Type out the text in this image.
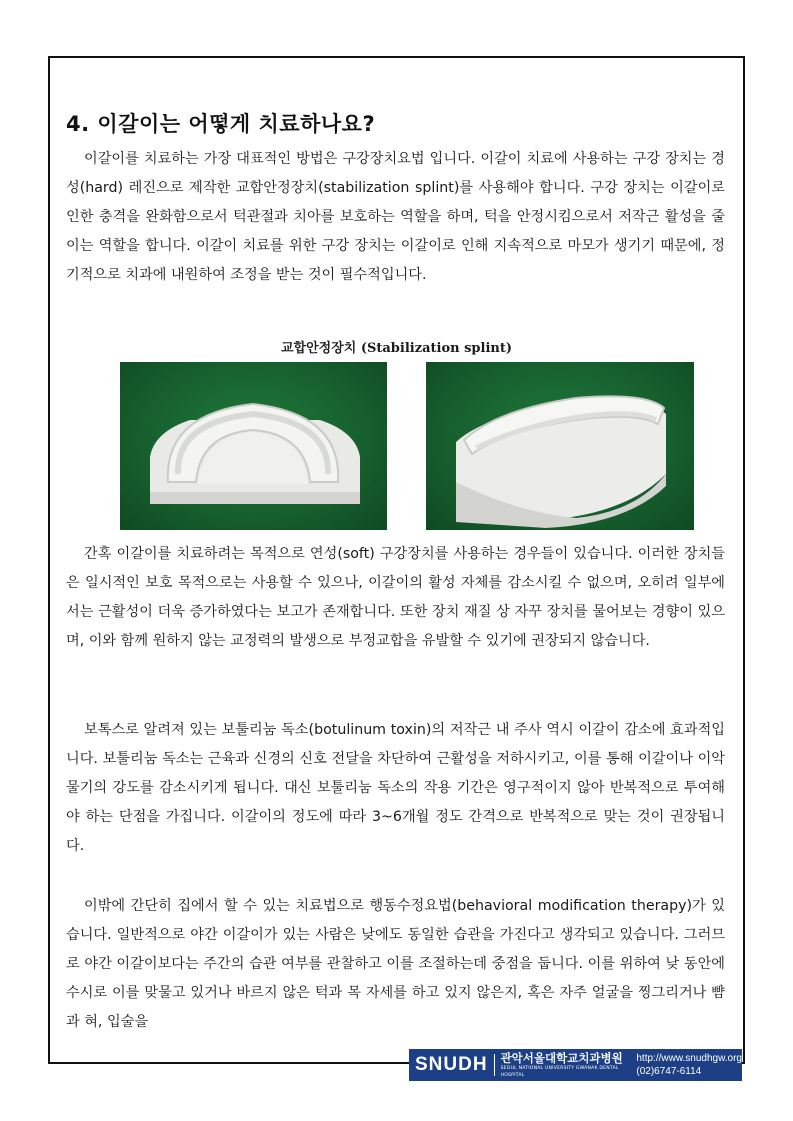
4. 이갈이는 어떻게 치료하나요?

이갈이를 치료하는 가장 대표적인 방법은 구강장치요법 입니다. 이갈이 치료에 사용하는 구강 장치는 경성(hard) 레진으로 제작한 교합안정장치(stabilization splint)를 사용해야 합니다. 구강 장치는 이갈이로 인한 충격을 완화함으로서 턱관절과 치아를 보호하는 역할을 하며, 턱을 안정시킴으로서 저작근 활성을 줄이는 역할을 합니다. 이갈이 치료를 위한 구강 장치는 이갈이로 인해 지속적으로 마모가 생기기 때문에, 정기적으로 치과에 내원하여 조정을 받는 것이 필수적입니다.

교합안정장치 (Stabilization splint)

간혹 이갈이를 치료하려는 목적으로 연성(soft) 구강장치를 사용하는 경우들이 있습니다. 이러한 장치들은 일시적인 보호 목적으로는 사용할 수 있으나, 이갈이의 활성 자체를 감소시킬 수 없으며, 오히려 일부에서는 근활성이 더욱 증가하였다는 보고가 존재합니다. 또한 장치 재질 상 자꾸 장치를 물어보는 경향이 있으며, 이와 함께 원하지 않는 교정력의 발생으로 부정교합을 유발할 수 있기에 권장되지 않습니다.

보톡스로 알려져 있는 보툴리눔 독소(botulinum toxin)의 저작근 내 주사 역시 이갈이 감소에 효과적입니다. 보툴리눔 독소는 근육과 신경의 신호 전달을 차단하여 근활성을 저하시키고, 이를 통해 이갈이나 이악물기의 강도를 감소시키게 됩니다. 대신 보툴리눔 독소의 작용 기간은 영구적이지 않아 반복적으로 투여해야 하는 단점을 가집니다. 이갈이의 정도에 따라 3~6개월 정도 간격으로 반복적으로 맞는 것이 권장됩니다.

이밖에 간단히 집에서 할 수 있는 치료법으로 행동수정요법(behavioral modification therapy)가 있습니다. 일반적으로 야간 이갈이가 있는 사람은 낮에도 동일한 습관을 가진다고 생각되고 있습니다. 그러므로 야간 이갈이보다는 주간의 습관 여부를 관찰하고 이를 조절하는데 중점을 둡니다. 이를 위하여 낮 동안에 수시로 이를 맞물고 있거나 바르지 않은 턱과 목 자세를 하고 있지 않은지, 혹은 자주 얼굴을 찡그리거나 뺨과 혀, 입술을

SNUDH	관악서울대학교치과병원
SEOUL NATIONAL UNIVERSITY GWANAK DENTAL HOSPITAL
http://www.snudhgw.org
(02)6747-6114
